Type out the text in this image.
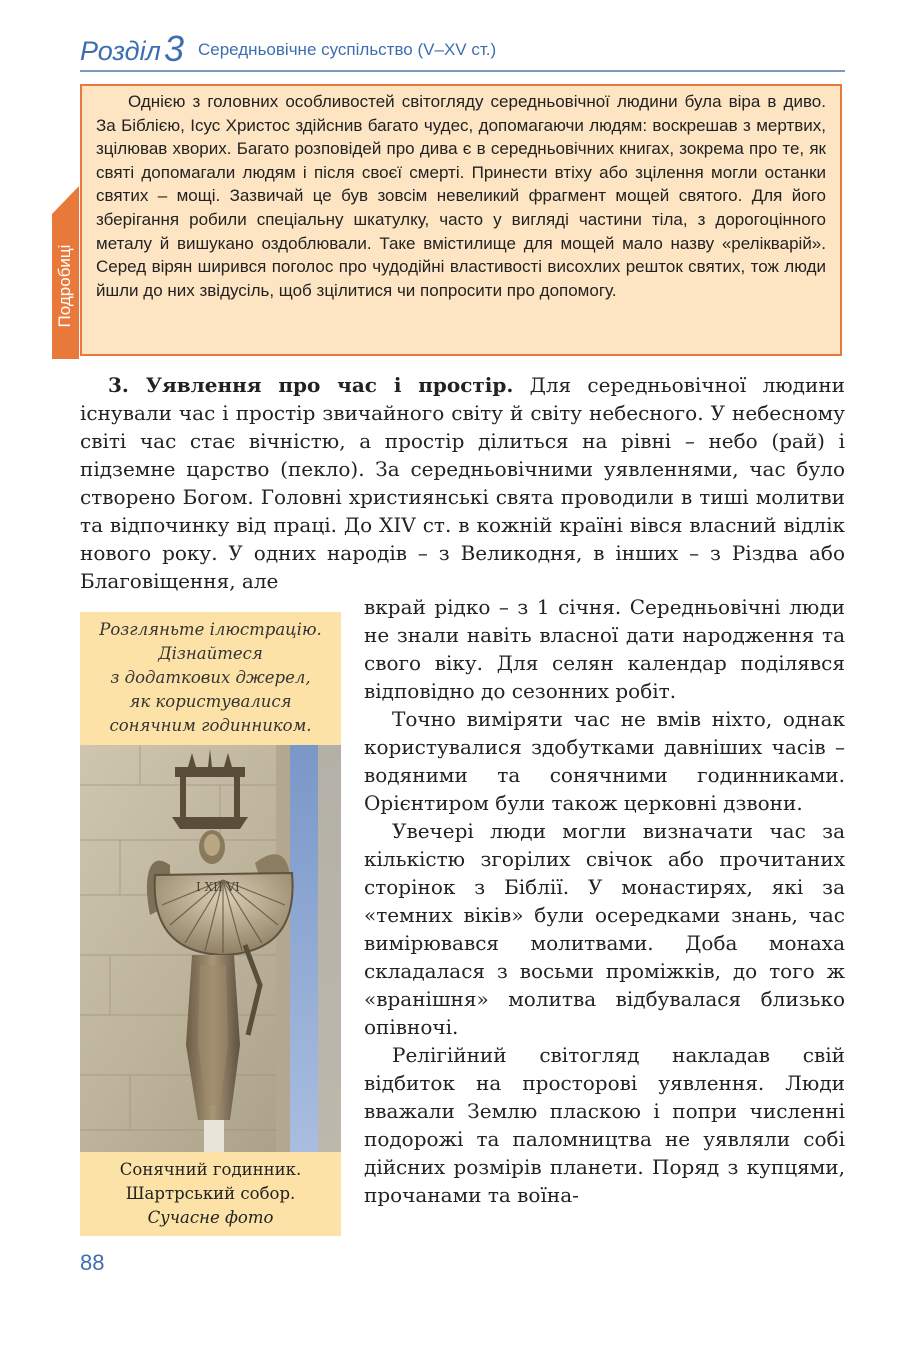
Розділ 3 Середньовічне суспільство (V–XV ст.)
Подробиці

Однією з головних особливостей світогляду середньовічної людини була віра в диво. За Біблією, Ісус Христос здійснив багато чудес, допомагаючи людям: воскрешав з мертвих, зцілював хворих. Багато розповідей про дива є в середньовічних книгах, зокрема про те, як святі допомагали людям і після своєї смерті. Принести втіху або зцілення могли останки святих – мощі. Зазвичай це був зовсім невеликий фрагмент мощей святого. Для його зберігання робили спеціальну шкатулку, часто у вигляді частини тіла, з дорогоцінного металу й вишукано оздоблювали. Таке вмістилище для мощей мало назву «релікварій». Серед вірян ширився поголос про чудодійні властивості висохлих решток святих, тож люди йшли до них звідусіль, щоб зцілитися чи попросити про допомогу.

3. Уявлення про час і простір. Для середньовічної людини існували час і простір звичайного світу й світу небесного. У небесному світі час стає вічністю, а простір ділиться на рівні – небо (рай) і підземне царство (пекло). За середньовічними уявленнями, час було створено Богом. Головні християнські свята проводили в тиші молитви та відпочинку від праці. До XIV ст. в кожній країні вівся власний відлік нового року. У одних народів – з Великодня, в інших – з Різдва або Благовіщення, але

Розгляньте ілюстрацію.
Дізнайтеся
з додаткових джерел,
як користувалися
сонячним годинником.
I XII VI
Сонячний годинник.
Шартрський собор.
Сучасне фото

вкрай рідко – з 1 січня. Середньовічні люди не знали навіть власної дати народження та свого віку. Для селян календар поділявся відповідно до сезонних робіт.

Точно виміряти час не вмів ніхто, однак користувалися здобутками давніших часів – водяними та сонячними годинниками. Орієнтиром були також церковні дзвони.

Увечері люди могли визначати час за кількістю згорілих свічок або прочитаних сторінок з Біблії. У монастирях, які за «темних віків» були осередками знань, час вимірювався молитвами. Доба монаха складалася з восьми проміжків, до того ж «вранішня» молитва відбувалася близько опівночі.

Релігійний світогляд накладав свій відбиток на просторові уявлення. Люди вважали Землю пласкою і попри численні подорожі та паломництва не уявляли собі дійсних розмірів планети. Поряд з купцями, прочанами та воїна-

88
